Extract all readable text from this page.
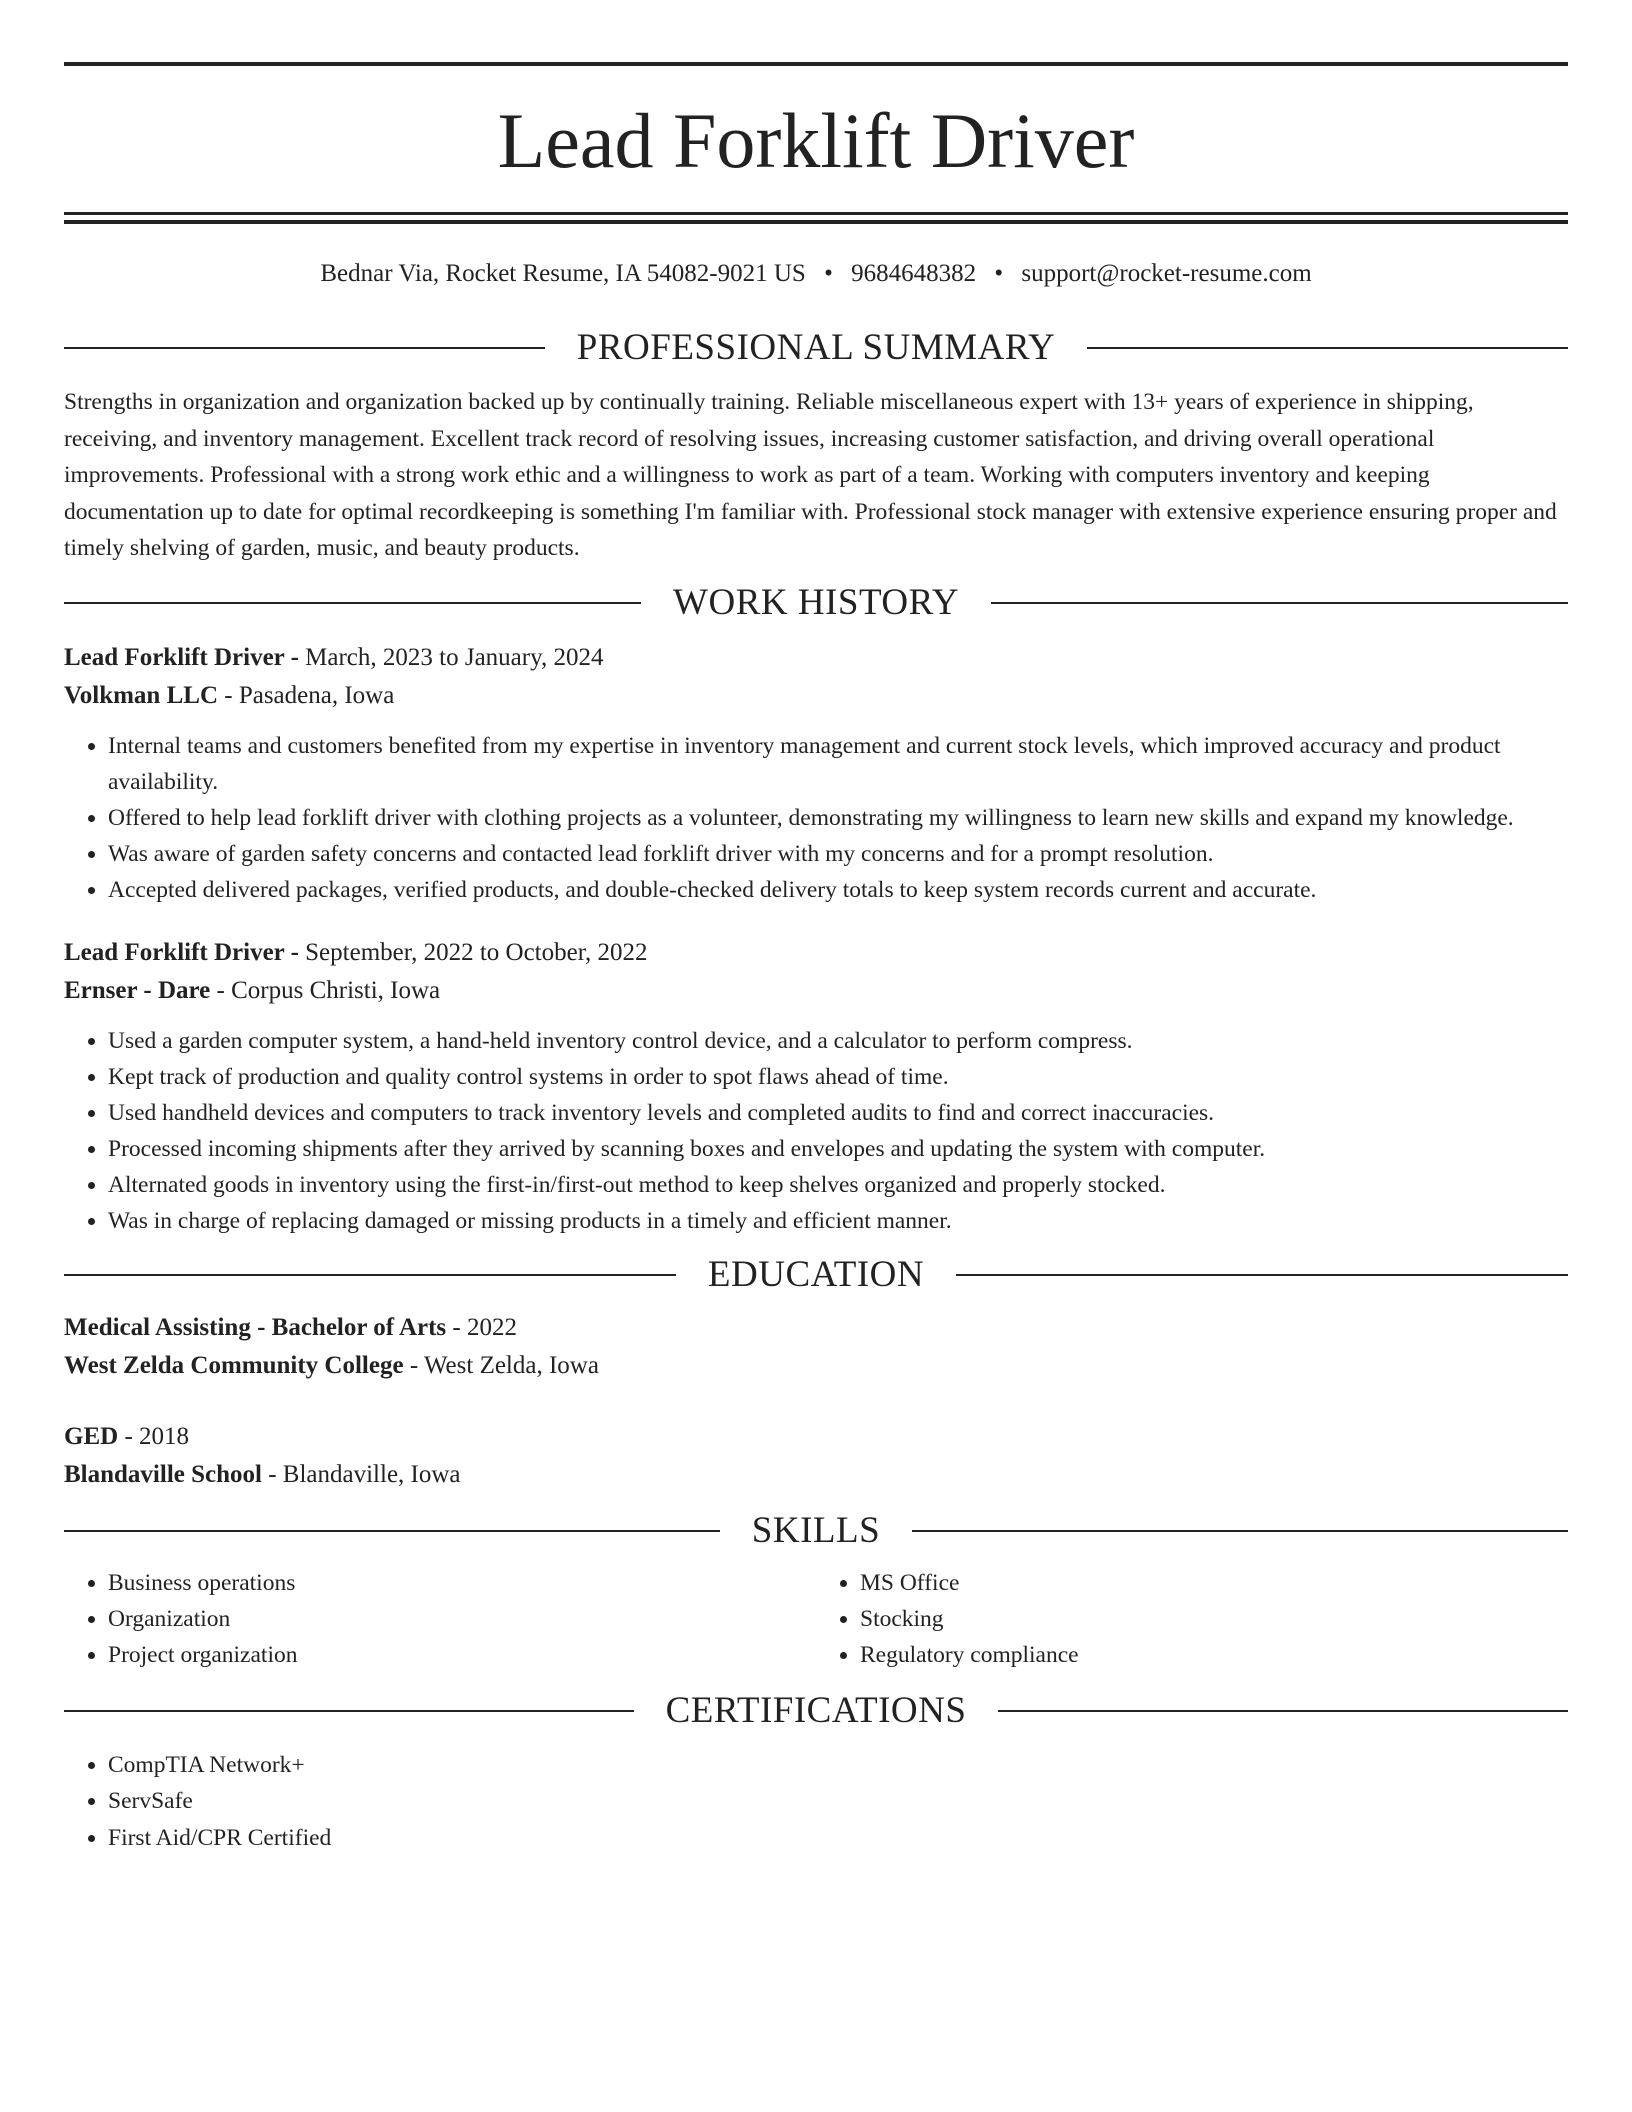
Lead Forklift Driver
Bednar Via, Rocket Resume, IA 54082-9021 US • 9684648382 • support@rocket-resume.com
PROFESSIONAL SUMMARY

Strengths in organization and organization backed up by continually training. Reliable miscellaneous expert with 13+ years of experience in shipping, receiving, and inventory management. Excellent track record of resolving issues, increasing customer satisfaction, and driving overall operational improvements. Professional with a strong work ethic and a willingness to work as part of a team. Working with computers inventory and keeping documentation up to date for optimal recordkeeping is something I'm familiar with. Professional stock manager with extensive experience ensuring proper and timely shelving of garden, music, and beauty products.

WORK HISTORY
Lead Forklift Driver - March, 2023 to January, 2024
Volkman LLC - Pasadena, Iowa
• Internal teams and customers benefited from my expertise in inventory management and current stock levels, which improved accuracy and product availability.
• Offered to help lead forklift driver with clothing projects as a volunteer, demonstrating my willingness to learn new skills and expand my knowledge.
• Was aware of garden safety concerns and contacted lead forklift driver with my concerns and for a prompt resolution.
• Accepted delivered packages, verified products, and double-checked delivery totals to keep system records current and accurate.
Lead Forklift Driver - September, 2022 to October, 2022
Ernser - Dare - Corpus Christi, Iowa
• Used a garden computer system, a hand-held inventory control device, and a calculator to perform compress.
• Kept track of production and quality control systems in order to spot flaws ahead of time.
• Used handheld devices and computers to track inventory levels and completed audits to find and correct inaccuracies.
• Processed incoming shipments after they arrived by scanning boxes and envelopes and updating the system with computer.
• Alternated goods in inventory using the first-in/first-out method to keep shelves organized and properly stocked.
• Was in charge of replacing damaged or missing products in a timely and efficient manner.
EDUCATION
Medical Assisting - Bachelor of Arts - 2022
West Zelda Community College - West Zelda, Iowa
GED - 2018
Blandaville School - Blandaville, Iowa
SKILLS
• Business operations
• Organization
• Project organization
• MS Office
• Stocking
• Regulatory compliance
CERTIFICATIONS
• CompTIA Network+
• ServSafe
• First Aid/CPR Certified
